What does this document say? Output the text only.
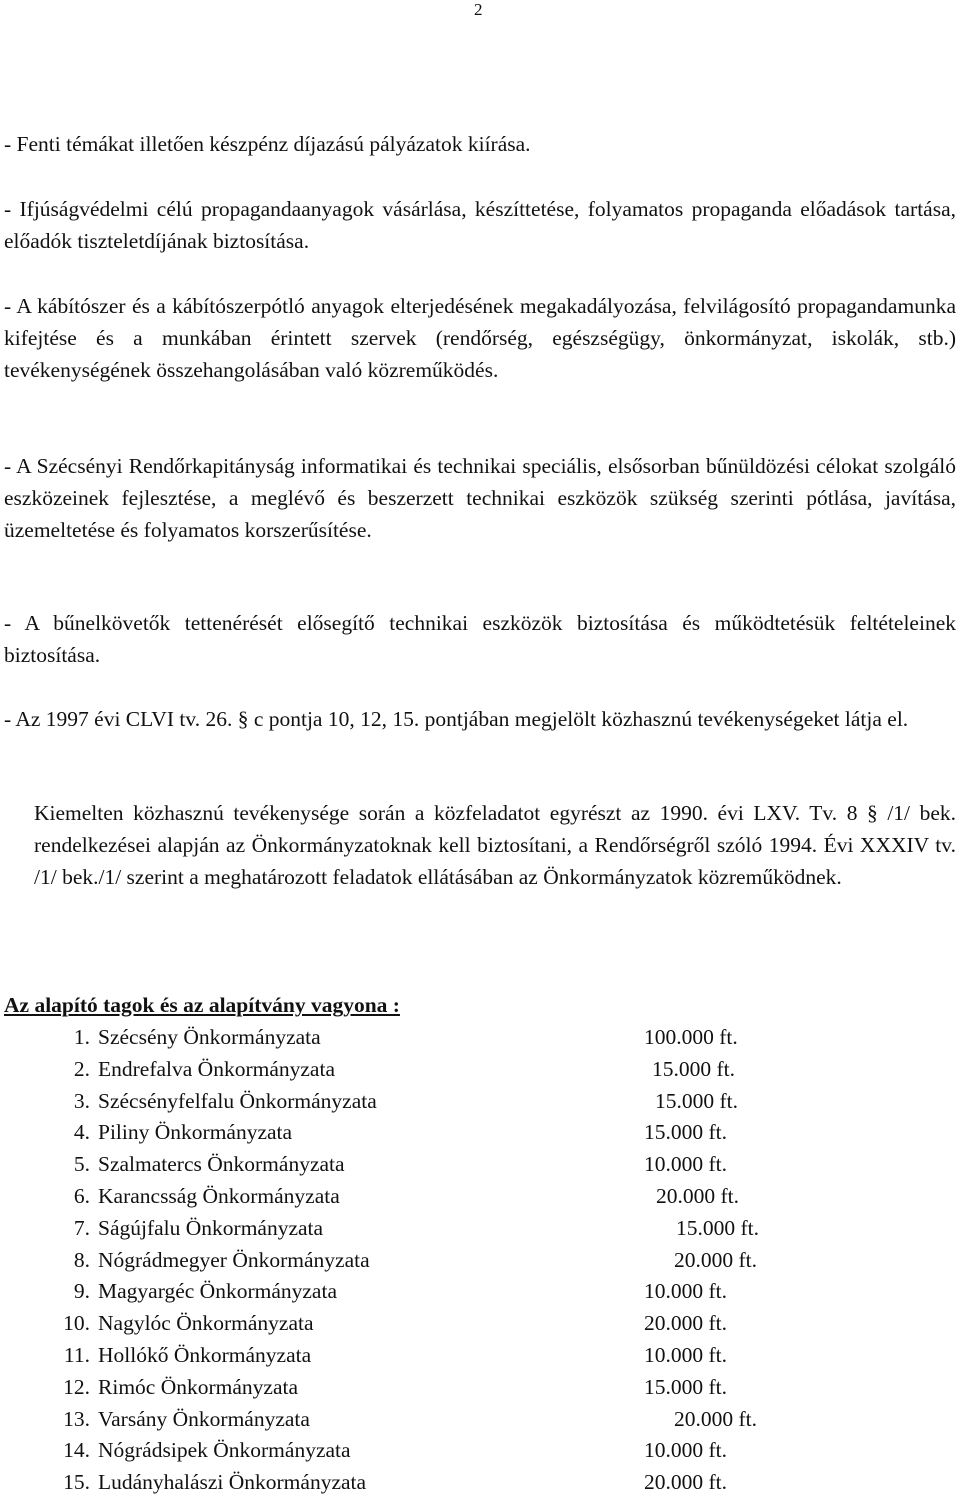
2

- Fenti témákat illetően készpénz díjazású pályázatok kiírása.

- Ifjúságvédelmi célú propagandaanyagok vásárlása, készíttetése, folyamatos propaganda előadások tartása, előadók tiszteletdíjának biztosítása.

- A kábítószer és a kábítószerpótló anyagok elterjedésének megakadályozása, felvilágosító propagandamunka kifejtése és a munkában érintett szervek (rendőrség, egészségügy, önkormányzat, iskolák, stb.) tevékenységének összehangolásában való közreműködés.

- A Szécsényi Rendőrkapitányság informatikai és technikai speciális, elsősorban bűnüldözési célokat szolgáló eszközeinek fejlesztése, a meglévő és beszerzett technikai eszközök szükség szerinti pótlása, javítása, üzemeltetése és folyamatos korszerűsítése.

- A bűnelkövetők tettenérését elősegítő technikai eszközök biztosítása és működtetésük feltételeinek biztosítása.

- Az 1997 évi CLVI tv. 26. § c pontja 10, 12, 15. pontjában megjelölt közhasznú tevékenységeket látja el.

Kiemelten közhasznú tevékenysége során a közfeladatot egyrészt az 1990. évi LXV. Tv. 8 § /1/ bek. rendelkezései alapján az Önkormányzatoknak kell biztosítani, a Rendőrségről szóló 1994. Évi XXXIV tv. /1/ bek./1/ szerint a meghatározott feladatok ellátásában az Önkormányzatok közreműködnek.

Az alapító tagok és az alapítvány vagyona :
1. Szécsény Önkormányzata	100.000 ft.
2. Endrefalva Önkormányzata	15.000 ft.
3. Szécsényfelfalu Önkormányzata	15.000 ft.
4. Piliny Önkormányzata	15.000 ft.
5. Szalmatercs Önkormányzata	10.000 ft.
6. Karancsság Önkormányzata	20.000 ft.
7. Ságújfalu Önkormányzata	15.000 ft.
8. Nógrádmegyer Önkormányzata	20.000 ft.
9. Magyargéc Önkormányzata	10.000 ft.
10. Nagylóc Önkormányzata	20.000 ft.
11. Hollókő Önkormányzata	10.000 ft.
12. Rimóc Önkormányzata	15.000 ft.
13. Varsány Önkormányzata	20.000 ft.
14. Nógrádsipek Önkormányzata	10.000 ft.
15. Ludányhalászi Önkormányzata	20.000 ft.
